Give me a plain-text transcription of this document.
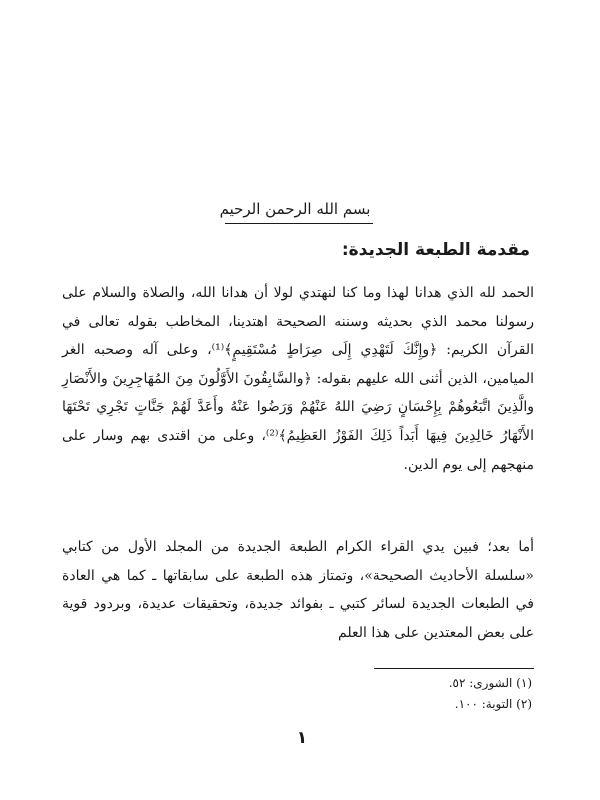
بسم الله الرحمن الرحيم
مقدمة الطبعة الجديدة:
الحمد لله الذي هدانا لهذا وما كنا لنهتدي لولا أن هدانا الله، والصلاة والسلام على رسولنا محمد الذي بحديثه وسننه الصحيحة اهتدينا، المخاطب بقوله تعالى في القرآن الكريم: ﴿وإِنَّكَ لَتَهْدِي إِلَى صِرَاطٍ مُسْتَقِيمٍ﴾⁽¹⁾، وعلى آله وصحبه الغر الميامين، الذين أثنى الله عليهم بقوله: ﴿والسَّابِقُونَ الأَوَّلُونَ مِنَ المُهَاجِرِينَ والأَنْصَارِ والَّذِينَ اتَّبَعُوهُمْ بِإِحْسَانٍ رَضِيَ اللهُ عَنْهُمْ وَرَضُوا عَنْهُ وأَعَدَّ لَهُمْ جَنَّاتٍ تَجْرِي تَحْتَهَا الأَنْهَارُ خَالِدِينَ فِيهَا أَبَداً ذَلِكَ الفَوْزُ العَظِيمُ﴾⁽²⁾، وعلى من اقتدى بهم وسار على منهجهم إلى يوم الدين.
أما بعد؛ فبين يدي القراء الكرام الطبعة الجديدة من المجلد الأول من كتابي «سلسلة الأحاديث الصحيحة»، وتمتاز هذه الطبعة على سابقاتها ـ كما هي العادة في الطبعات الجديدة لسائر كتبي ـ بفوائد جديدة، وتحقيقات عديدة، وبردود قوية على بعض المعتدين على هذا العلم
(١) الشورى: ٥٢.
(٢) التوبة: ١٠٠.
١
